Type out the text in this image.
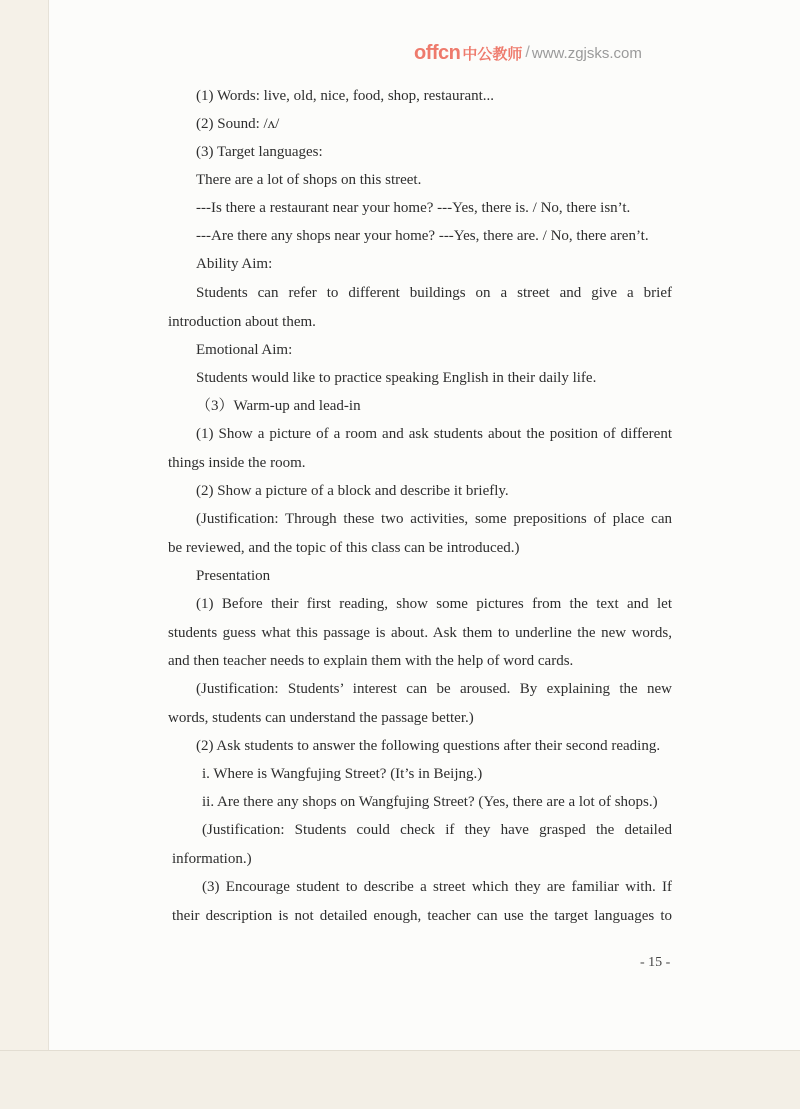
offcn 中公教师 / www.zgjsks.com
(1) Words: live, old, nice, food, shop, restaurant...
(2) Sound: /ʌ/
(3) Target languages:
There are a lot of shops on this street.
---Is there a restaurant near your home? ---Yes, there is. / No, there isn’t.
---Are there any shops near your home? ---Yes, there are. / No, there aren’t.
Ability Aim:
Students can refer to different buildings on a street and give a brief
introduction about them.
Emotional Aim:
Students would like to practice speaking English in their daily life.
（3）Warm-up and lead-in
(1) Show a picture of a room and ask students about the position of different
things inside the room.
(2) Show a picture of a block and describe it briefly.
(Justification: Through these two activities, some prepositions of place can
be reviewed, and the topic of this class can be introduced.)
Presentation
(1) Before their first reading, show some pictures from the text and let
students guess what this passage is about. Ask them to underline the new words,
and then teacher needs to explain them with the help of word cards.
(Justification: Students’ interest can be aroused. By explaining the new
words, students can understand the passage better.)
(2) Ask students to answer the following questions after their second reading.
i. Where is Wangfujing Street? (It’s in Beijng.)
ii. Are there any shops on Wangfujing Street? (Yes, there are a lot of shops.)
(Justification: Students could check if they have grasped the detailed
information.)
(3) Encourage student to describe a street which they are familiar with. If
their description is not detailed enough, teacher can use the target languages to
- 15 -
